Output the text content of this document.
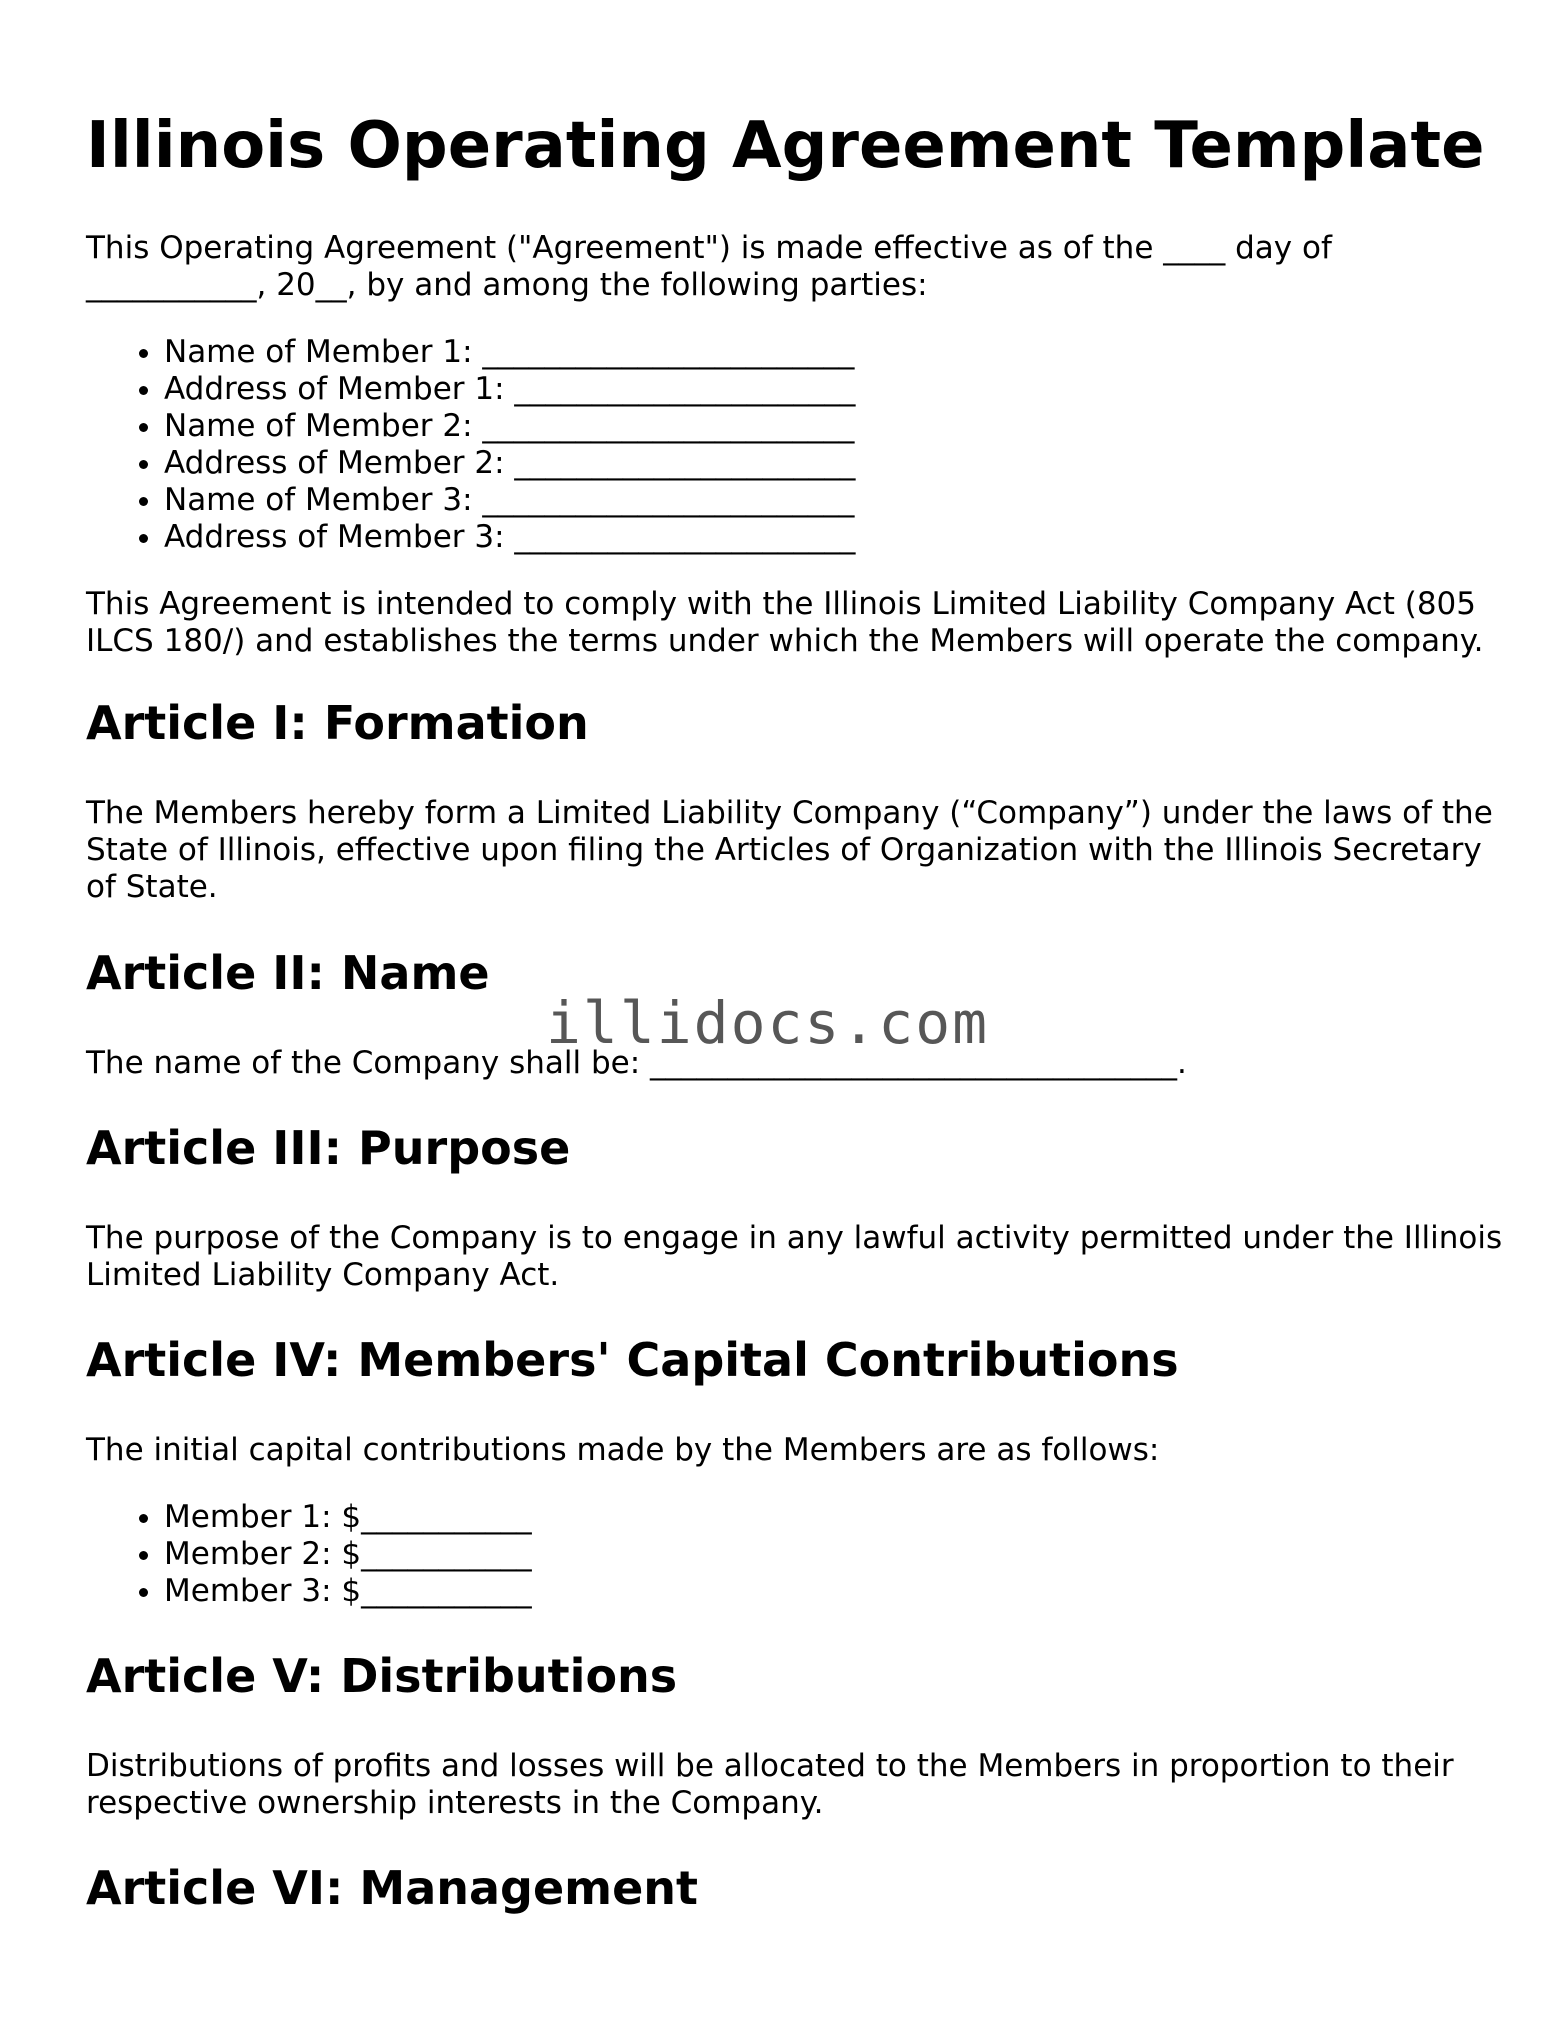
Illinois Operating Agreement Template

This Operating Agreement ("Agreement") is made effective as of the ____ day of ___________, 20__, by and among the following parties:

• Name of Member 1: ________________________
• Address of Member 1: ______________________
• Name of Member 2: ________________________
• Address of Member 2: ______________________
• Name of Member 3: ________________________
• Address of Member 3: ______________________

This Agreement is intended to comply with the Illinois Limited Liability Company Act (805 ILCS 180/) and establishes the terms under which the Members will operate the company.

Article I: Formation

The Members hereby form a Limited Liability Company (“Company”) under the laws of the State of Illinois, effective upon filing the Articles of Organization with the Illinois Secretary of State.

Article II: Name

The name of the Company shall be: __________________________________.

Article III: Purpose

The purpose of the Company is to engage in any lawful activity permitted under the Illinois Limited Liability Company Act.

Article IV: Members' Capital Contributions

The initial capital contributions made by the Members are as follows:

• Member 1: $___________
• Member 2: $___________
• Member 3: $___________
Article V: Distributions

Distributions of profits and losses will be allocated to the Members in proportion to their respective ownership interests in the Company.

Article VI: Management
illidocs.com
